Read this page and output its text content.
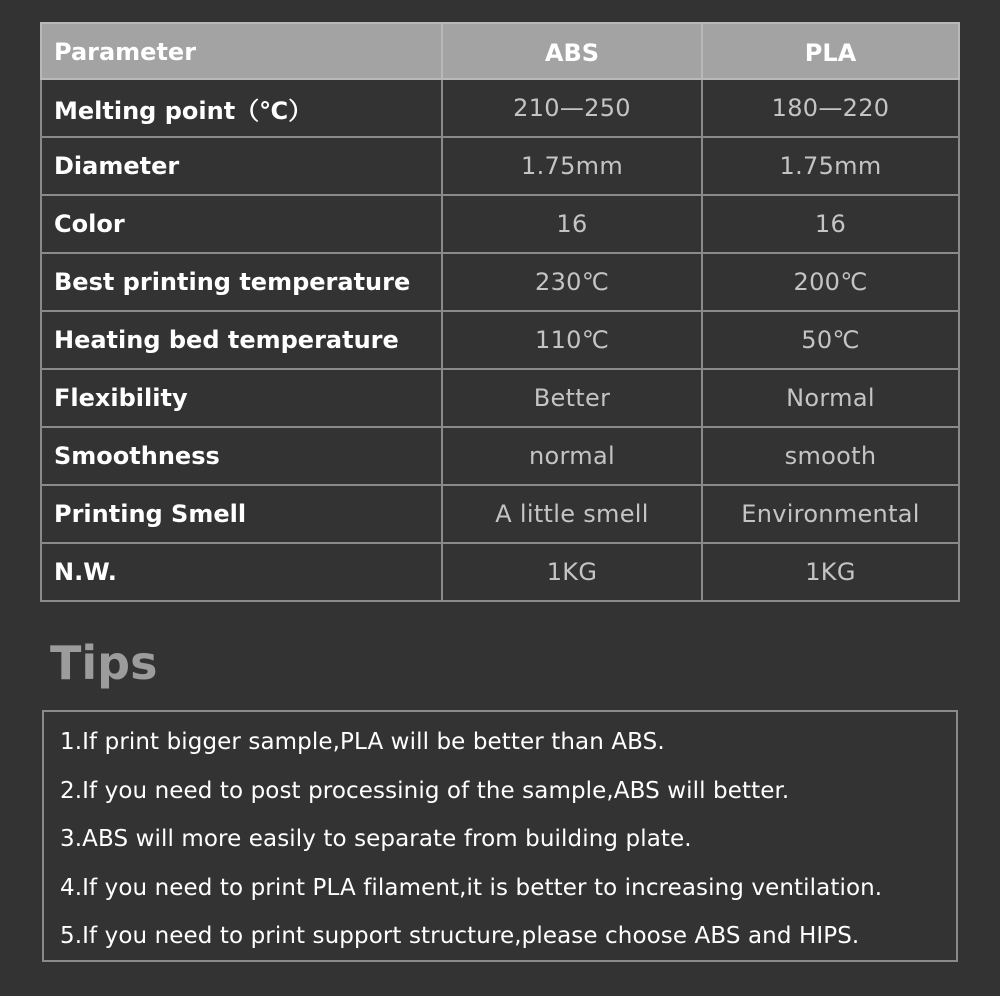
Parameter	ABS	PLA
Melting point（℃）	210—250	180—220
Diameter	1.75mm	1.75mm
Color	16	16
Best printing temperature	230℃	200℃
Heating bed temperature	110℃	50℃
Flexibility	Better	Normal
Smoothness	normal	smooth
Printing Smell	A little smell	Environmental
N.W.	1KG	1KG
Tips
1.If print bigger sample,PLA will be better than ABS.
2.If you need to post processinig of the sample,ABS will better.
3.ABS will more easily to separate from building plate.
4.If you need to print PLA filament,it is better to increasing ventilation.
5.If you need to print support structure,please choose ABS and HIPS.
